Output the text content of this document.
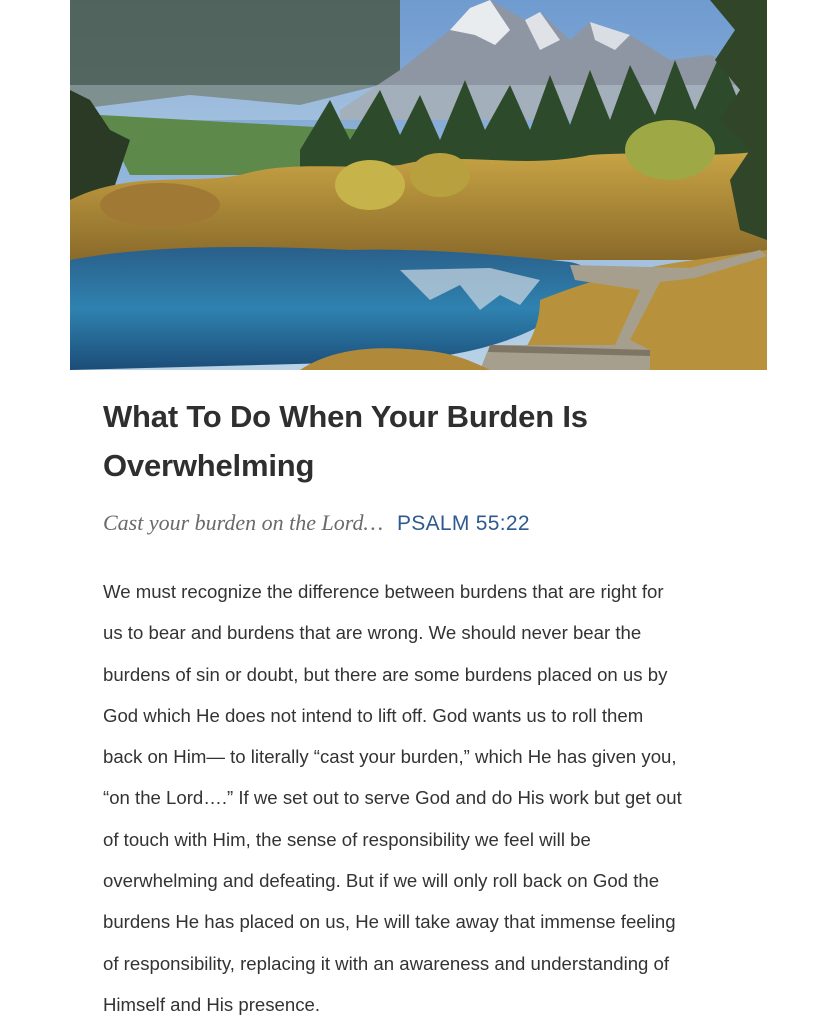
What To Do When Your Burden Is Overwhelming
Cast your burden on the Lord… PSALM 55:22

We must recognize the difference between burdens that are right for
us to bear and burdens that are wrong. We should never bear the
burdens of sin or doubt, but there are some burdens placed on us by
God which He does not intend to lift off. God wants us to roll them
back on Him— to literally “cast your burden,” which He has given you,
“on the Lord….” If we set out to serve God and do His work but get out
of touch with Him, the sense of responsibility we feel will be
overwhelming and defeating. But if we will only roll back on God the
burdens He has placed on us, He will take away that immense feeling
of responsibility, replacing it with an awareness and understanding of
Himself and His presence.
